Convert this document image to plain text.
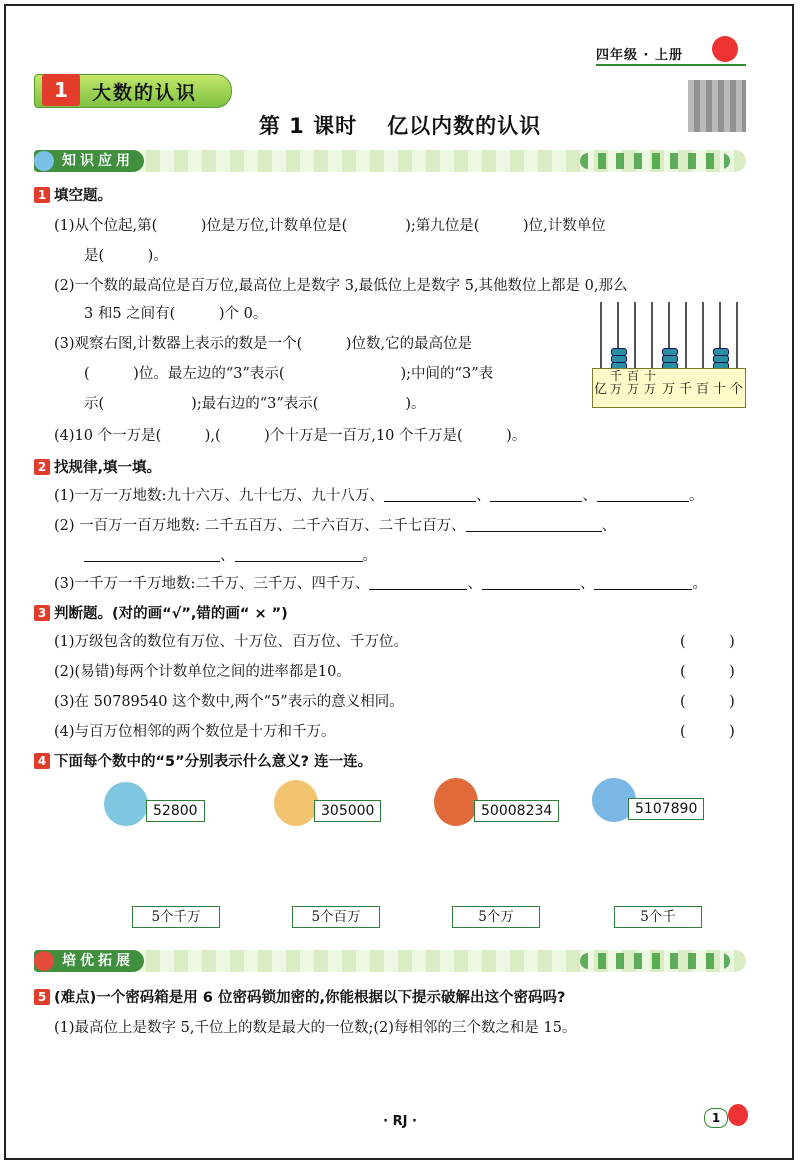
四年级 · 上册
1	大数的认识
第 1 课时 亿以内数的认识
知识应用
1 填空题。
(1)从个位起,第(　　　)位是万位,计数单位是(　　　　);第九位是(　　　)位,计数单位
是(　　　)。
(2)一个数的最高位是百万位,最高位上是数字 3,最低位上是数字 5,其他数位上都是 0,那么
3 和5 之间有(　　　)个 0。
(3)观察右图,计数器上表示的数是一个(　　　)位数,它的最高位是
(　　　)位。最左边的“3”表示(　　　　　　　　);中间的“3”表
示(　　　　　　);最右边的“3”表示(　　　　　　)。
(4)10 个一万是(　　　),(　　　)个十万是一百万,10 个千万是(　　　)。
亿
千万
百万
十万 万 千 百 十 个
2 找规律,填一填。
(1)一万一万地数:九十六万、九十七万、九十八万、	、	、	。
(2) 一百万一百万地数: 二千五百万、二千六百万、二千七百万、	、
、	。
(3)一千万一千万地数:二千万、三千万、四千万、	、	、	。
3 判断题。(对的画“√”,错的画“ × ”)
(1)万级包含的数位有万位、十万位、百万位、千万位。	(　　　)
(2)(易错)每两个计数单位之间的进率都是10。	(　　　)
(3)在 50789540 这个数中,两个“5”表示的意义相同。	(　　　)
(4)与百万位相邻的两个数位是十万和千万。	(　　　)
4 下面每个数中的“5”分别表示什么意义? 连一连。
52800	305000	50008234	5107890
5个千万	5个百万	5个万	5个千
培优拓展
5 (难点)一个密码箱是用 6 位密码锁加密的,你能根据以下提示破解出这个密码吗?
(1)最高位上是数字 5,千位上的数是最大的一位数;(2)每相邻的三个数之和是 15。
· RJ ·	1
